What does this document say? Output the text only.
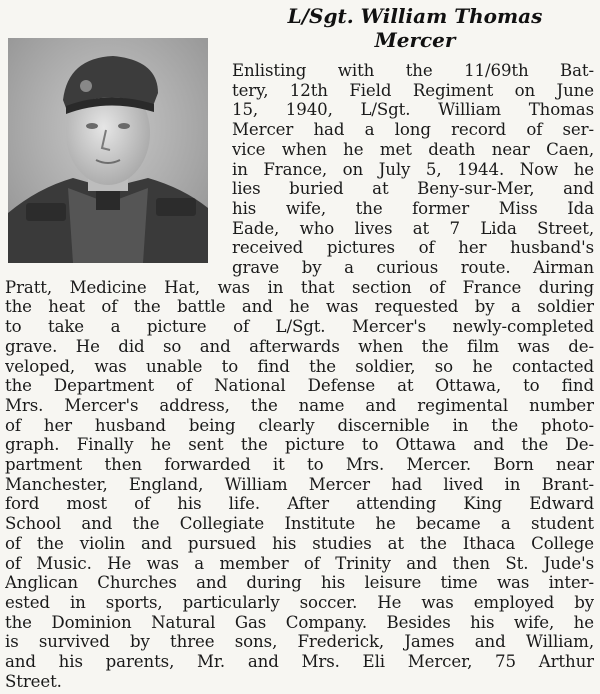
L/Sgt. William Thomas
Mercer
Enlisting with the 11/69th Bat-
tery, 12th Field Regiment on June
15, 1940, L/Sgt. William Thomas
Mercer had a long record of ser-
vice when he met death near Caen,
in France, on July 5, 1944. Now he
lies buried at Beny-sur-Mer, and
his wife, the former Miss Ida
Eade, who lives at 7 Lida Street,
received pictures of her husband's
grave by a curious route. Airman
Pratt, Medicine Hat, was in that section of France during
the heat of the battle and he was requested by a soldier
to take a picture of L/Sgt. Mercer's newly-completed
grave. He did so and afterwards when the film was de-
veloped, was unable to find the soldier, so he contacted
the Department of National Defense at Ottawa, to find
Mrs. Mercer's address, the name and regimental number
of her husband being clearly discernible in the photo-
graph. Finally he sent the picture to Ottawa and the De-
partment then forwarded it to Mrs. Mercer. Born near
Manchester, England, William Mercer had lived in Brant-
ford most of his life. After attending King Edward
School and the Collegiate Institute he became a student
of the violin and pursued his studies at the Ithaca College
of Music. He was a member of Trinity and then St. Jude's
Anglican Churches and during his leisure time was inter-
ested in sports, particularly soccer. He was employed by
the Dominion Natural Gas Company. Besides his wife, he
is survived by three sons, Frederick, James and William,
and his parents, Mr. and Mrs. Eli Mercer, 75 Arthur
Street.
